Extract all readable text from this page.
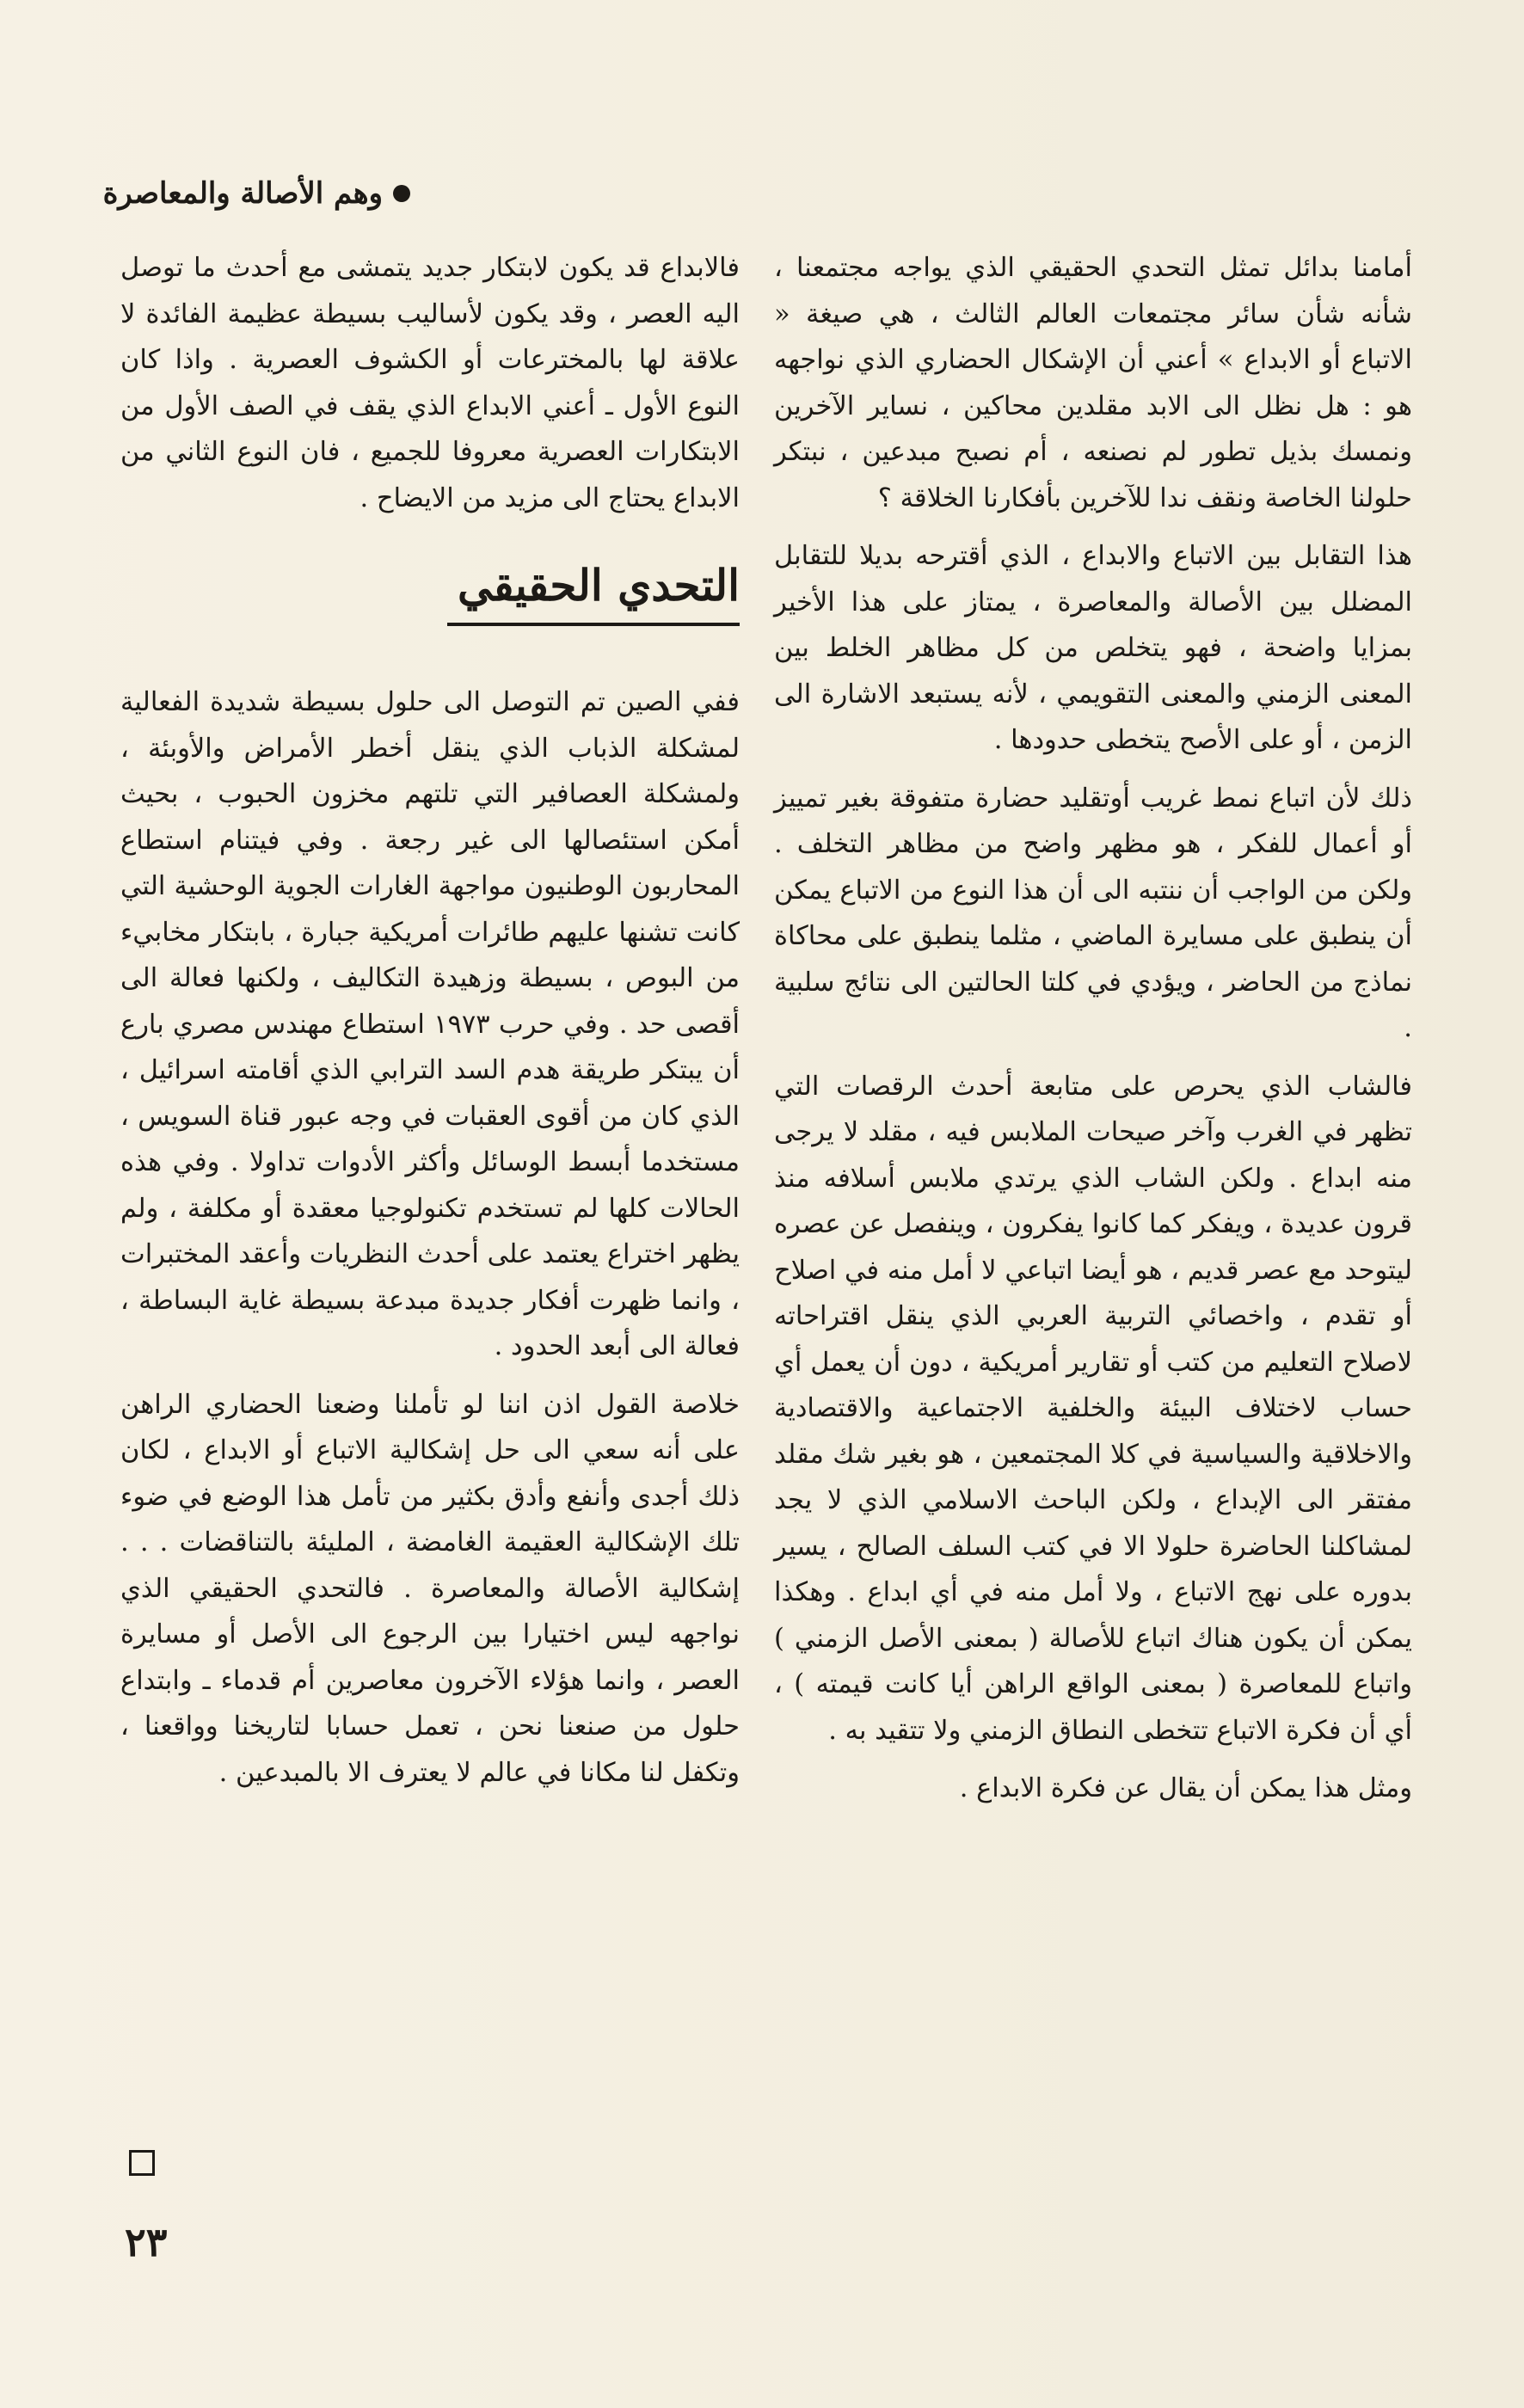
وهم الأصالة والمعاصرة

أمامنا بدائل تمثل التحدي الحقيقي الذي يواجه مجتمعنا ، شأنه شأن سائر مجتمعات العالم الثالث ، هي صيغة « الاتباع أو الابداع » أعني أن الإشكال الحضاري الذي نواجهه هو : هل نظل الى الابد مقلدين محاكين ، نساير الآخرين ونمسك بذيل تطور لم نصنعه ، أم نصبح مبدعين ، نبتكر حلولنا الخاصة ونقف ندا للآخرين بأفكارنا الخلاقة ؟

هذا التقابل بين الاتباع والابداع ، الذي أقترحه بديلا للتقابل المضلل بين الأصالة والمعاصرة ، يمتاز على هذا الأخير بمزايا واضحة ، فهو يتخلص من كل مظاهر الخلط بين المعنى الزمني والمعنى التقويمي ، لأنه يستبعد الاشارة الى الزمن ، أو على الأصح يتخطى حدودها .

ذلك لأن اتباع نمط غريب أوتقليد حضارة متفوقة بغير تمييز أو أعمال للفكر ، هو مظهر واضح من مظاهر التخلف . ولكن من الواجب أن ننتبه الى أن هذا النوع من الاتباع يمكن أن ينطبق على مسايرة الماضي ، مثلما ينطبق على محاكاة نماذج من الحاضر ، ويؤدي في كلتا الحالتين الى نتائج سلبية .

فالشاب الذي يحرص على متابعة أحدث الرقصات التي تظهر في الغرب وآخر صيحات الملابس فيه ، مقلد لا يرجى منه ابداع . ولكن الشاب الذي يرتدي ملابس أسلافه منذ قرون عديدة ، ويفكر كما كانوا يفكرون ، وينفصل عن عصره ليتوحد مع عصر قديم ، هو أيضا اتباعي لا أمل منه في اصلاح أو تقدم ، واخصائي التربية العربي الذي ينقل اقتراحاته لاصلاح التعليم من كتب أو تقارير أمريكية ، دون أن يعمل أي حساب لاختلاف البيئة والخلفية الاجتماعية والاقتصادية والاخلاقية والسياسية في كلا المجتمعين ، هو بغير شك مقلد مفتقر الى الإبداع ، ولكن الباحث الاسلامي الذي لا يجد لمشاكلنا الحاضرة حلولا الا في كتب السلف الصالح ، يسير بدوره على نهج الاتباع ، ولا أمل منه في أي ابداع . وهكذا يمكن أن يكون هناك اتباع للأصالة ( بمعنى الأصل الزمني ) واتباع للمعاصرة ( بمعنى الواقع الراهن أيا كانت قيمته ) ، أي أن فكرة الاتباع تتخطى النطاق الزمني ولا تتقيد به .

ومثل هذا يمكن أن يقال عن فكرة الابداع .

فالابداع قد يكون لابتكار جديد يتمشى مع أحدث ما توصل اليه العصر ، وقد يكون لأساليب بسيطة عظيمة الفائدة لا علاقة لها بالمخترعات أو الكشوف العصرية . واذا كان النوع الأول ـ أعني الابداع الذي يقف في الصف الأول من الابتكارات العصرية معروفا للجميع ، فان النوع الثاني من الابداع يحتاج الى مزيد من الايضاح .

التحدي الحقيقي

ففي الصين تم التوصل الى حلول بسيطة شديدة الفعالية لمشكلة الذباب الذي ينقل أخطر الأمراض والأوبئة ، ولمشكلة العصافير التي تلتهم مخزون الحبوب ، بحيث أمكن استئصالها الى غير رجعة . وفي فيتنام استطاع المحاربون الوطنيون مواجهة الغارات الجوية الوحشية التي كانت تشنها عليهم طائرات أمريكية جبارة ، بابتكار مخابيء من البوص ، بسيطة وزهيدة التكاليف ، ولكنها فعالة الى أقصى حد . وفي حرب ١٩٧٣ استطاع مهندس مصري بارع أن يبتكر طريقة هدم السد الترابي الذي أقامته اسرائيل ، الذي كان من أقوى العقبات في وجه عبور قناة السويس ، مستخدما أبسط الوسائل وأكثر الأدوات تداولا . وفي هذه الحالات كلها لم تستخدم تكنولوجيا معقدة أو مكلفة ، ولم يظهر اختراع يعتمد على أحدث النظريات وأعقد المختبرات ، وانما ظهرت أفكار جديدة مبدعة بسيطة غاية البساطة ، فعالة الى أبعد الحدود .

خلاصة القول اذن اننا لو تأملنا وضعنا الحضاري الراهن على أنه سعي الى حل إشكالية الاتباع أو الابداع ، لكان ذلك أجدى وأنفع وأدق بكثير من تأمل هذا الوضع في ضوء تلك الإشكالية العقيمة الغامضة ، المليئة بالتناقضات . . . إشكالية الأصالة والمعاصرة . فالتحدي الحقيقي الذي نواجهه ليس اختيارا بين الرجوع الى الأصل أو مسايرة العصر ، وانما هؤلاء الآخرون معاصرين أم قدماء ـ وابتداع حلول من صنعنا نحن ، تعمل حسابا لتاريخنا وواقعنا ، وتكفل لنا مكانا في عالم لا يعترف الا بالمبدعين .

٢٣
